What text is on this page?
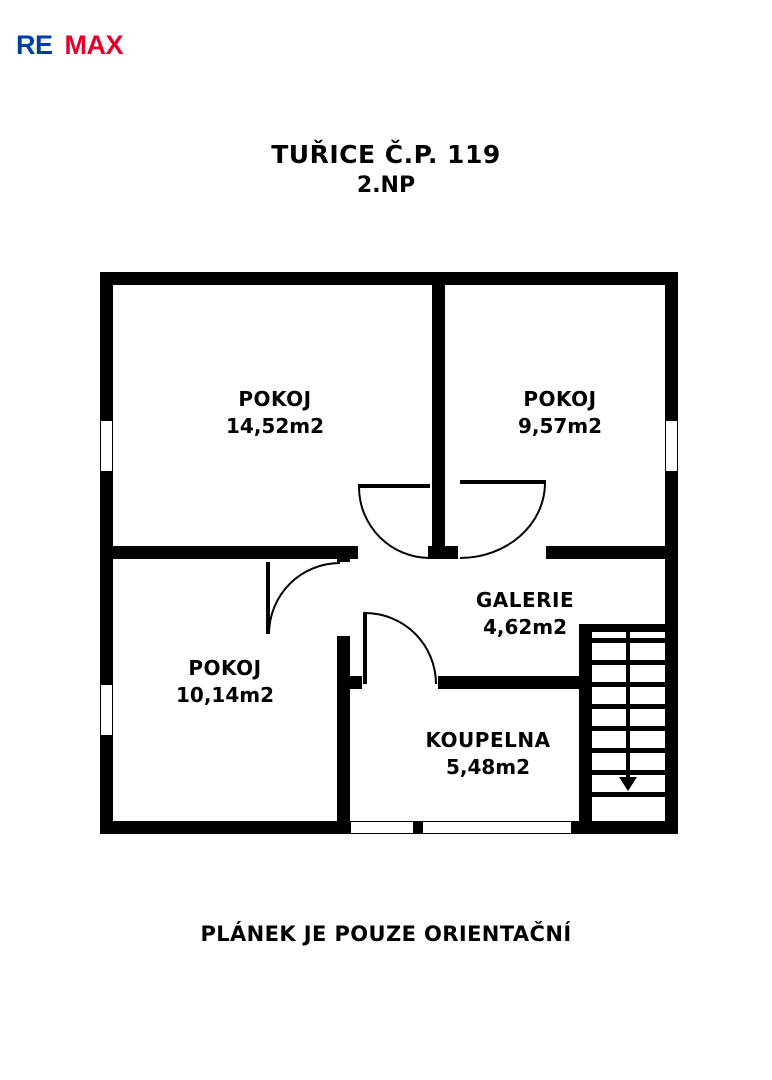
RE MAX
TUŘICE Č.P. 119
2.NP
POKOJ
14,52m2
POKOJ
9,57m2
POKOJ
10,14m2
GALERIE
4,62m2
KOUPELNA
5,48m2
PLÁNEK JE POUZE ORIENTAČNÍ
